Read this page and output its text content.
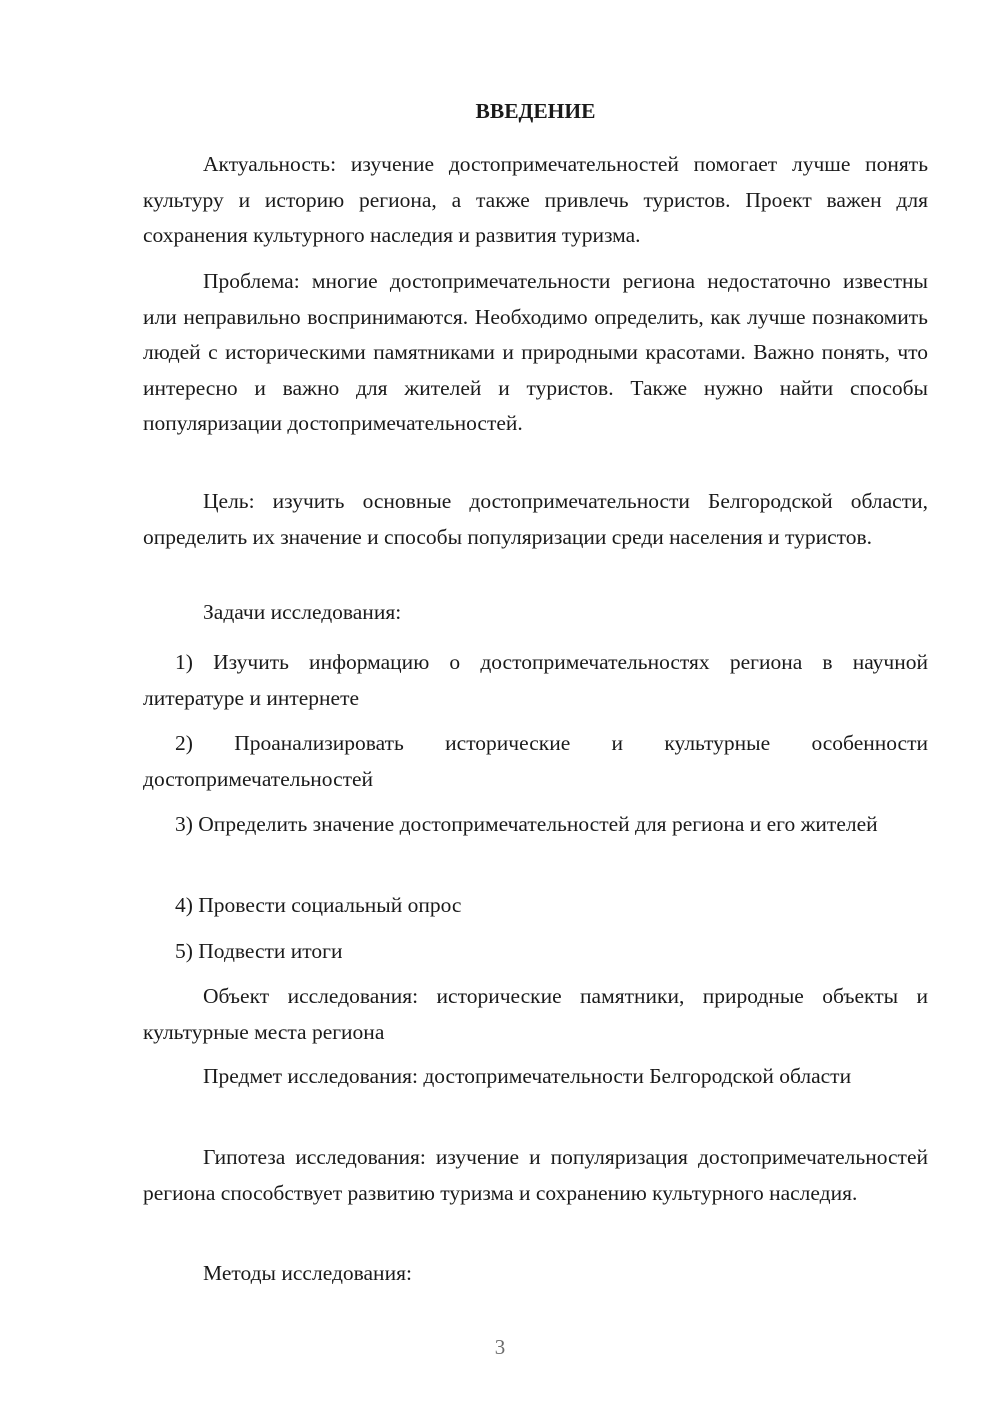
ВВЕДЕНИЕ

Актуальность: изучение достопримечательностей помогает лучше понять культуру и историю региона, а также привлечь туристов. Проект важен для сохранения культурного наследия и развития туризма.

Проблема: многие достопримечательности региона недостаточно известны или неправильно воспринимаются. Необходимо определить, как лучше познакомить людей с историческими памятниками и природными красотами. Важно понять, что интересно и важно для жителей и туристов. Также нужно найти способы популяризации достопримечательностей.

Цель: изучить основные достопримечательности Белгородской области, определить их значение и способы популяризации среди населения и туристов.

Задачи исследования:

1) Изучить информацию о достопримечательностях региона в научной литературе и интернете

2) Проанализировать исторические и культурные особенности достопримечательностей

3) Определить значение достопримечательностей для региона и его жителей

4) Провести социальный опрос

5) Подвести итоги

Объект исследования: исторические памятники, природные объекты и культурные места региона

Предмет исследования: достопримечательности Белгородской области

Гипотеза исследования: изучение и популяризация достопримечательностей региона способствует развитию туризма и сохранению культурного наследия.

Методы исследования:

3
